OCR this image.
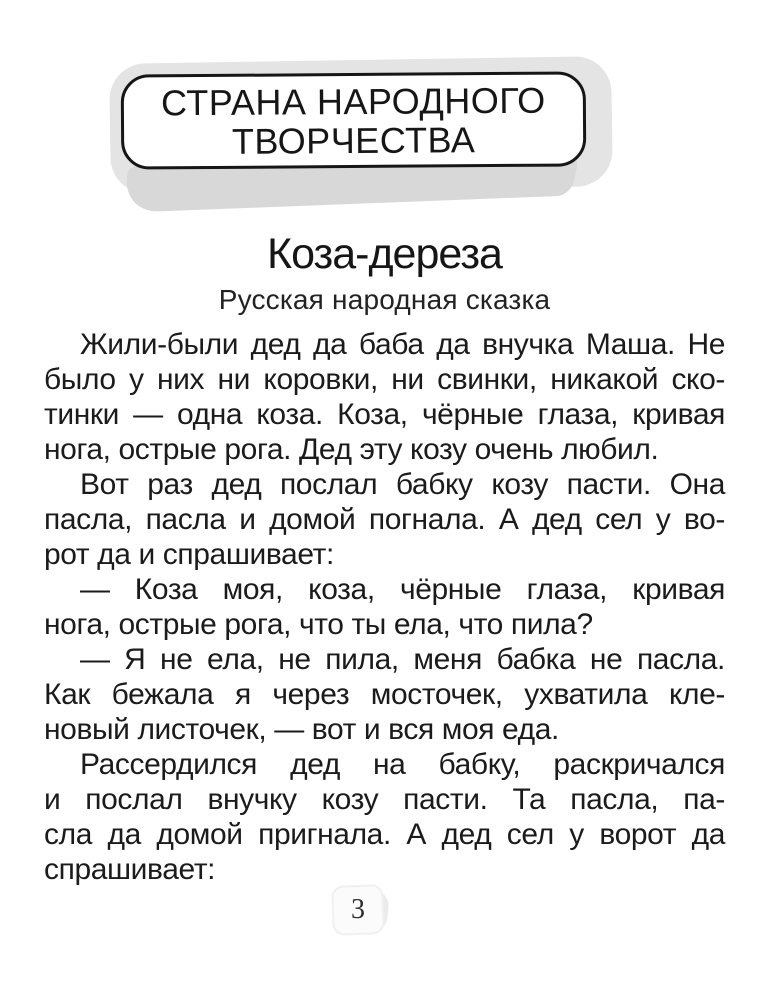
СТРАНА НАРОДНОГО
ТВОРЧЕСТВА
Коза-дереза
Русская народная сказка
Жили-были дед да баба да внучка Маша. Не
было у них ни коровки, ни свинки, никакой ско-
тинки — одна коза. Коза, чёрные глаза, кривая
нога, острые рога. Дед эту козу очень любил.
Вот раз дед послал бабку козу пасти. Она
пасла, пасла и домой погнала. А дед сел у во-
рот да и спрашивает:
— Коза моя, коза, чёрные глаза, кривая
нога, острые рога, что ты ела, что пила?
— Я не ела, не пила, меня бабка не пасла.
Как бежала я через мосточек, ухватила кле-
новый листочек, — вот и вся моя еда.
Рассердился дед на бабку, раскричался
и послал внучку козу пасти. Та пасла, па-
сла да домой пригнала. А дед сел у ворот да
спрашивает:
3
